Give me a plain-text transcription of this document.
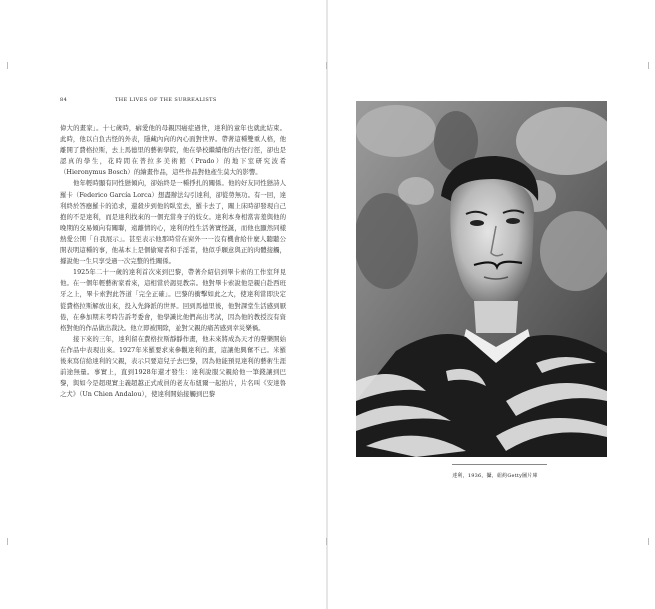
84	THE LIVES OF THE SURREALISTS

偉大的畫家」。十七歲時，癖愛他的母親因癌症過世，達利的童年也就此結束。此時，他以自負古怪的外表，隱藏內向的內心面對世界。帶著這種雙重人格，他離開了費格拉斯，去上馬德里的藝術學院，他在學校繼續他的古怪行徑，卻也是認真的學生，花時間在普拉多美術館（Prado）的地下室研究波希（Hieronymus Bosch）的繪畫作品，這些作品對他產生莫大的影響。

他年輕時顯有同性戀傾向，卻始終是一種掙扎的關係。他的好友同性戀詩人羅卡（Federico García Lorca）想盡辦法勾引達利，卻從勞無功。有一回，達利終於答應羅卡的追求，還殺步到他的臥室去，羅卡去了，關上床時卻發現自己抱的不是達利，而是達利找來的一個充當身子的妓女。達利本身相當害羞與他的晚期的交易傾向有關聯，遠離情的心，達利的性生活著實怪誕，而他也顯然同樣熱愛公開「自我展示」。甚至表示他那時常在窗外一一沒有機會給什麼人聽聽公開表明這種的事，他基本上是個偷窺者和手淫者，他似乎願意與正的肉體接觸，據說他一生只享受過一次完整的性關係。

1925年二十一歲的達利首次來到巴黎，帶著介紹信到畢卡索的工作室拜見他。在一個年輕藝術家看來，這相當於謁見教宗。他對畢卡索說他是親自赴西班牙之上，畢卡索對此答道「完全正確」。巴黎的衝擊如此之大，使達利當即決定從費格拉斯解放出來，投入先鋒派的世界。回到馬德里後，他對課堂生活感到厭倦，在參加期末考時告訴考委會，他學識比他們高出考試，因為他的教授沒有資格對他的作品做出裁決。他立即被開除，並對父親的痛苦感到幸災樂禍。

接下來的三年，達利留在費格拉斯靜靜作畫，他未來將成為天才的聲樂開始在作品中表現出來。1927年米羅要求來參觀達利的畫，這讓他興奮不已。米羅後來寫信給達利的父親，表示只要這兒子去巴黎，因為他能預見達利的藝術生涯前途無量。事實上，直到1928年還才發生：達利說服父親給他一筆錢讓到巴黎，與如今是超現實主義超越正式成員的老友布紐爾一起拍片，片名叫《安達魯之犬》（Un Chien Andalou），使達利開始接觸到巴黎

達利，1936，攝，紐約Getty圖片庫
